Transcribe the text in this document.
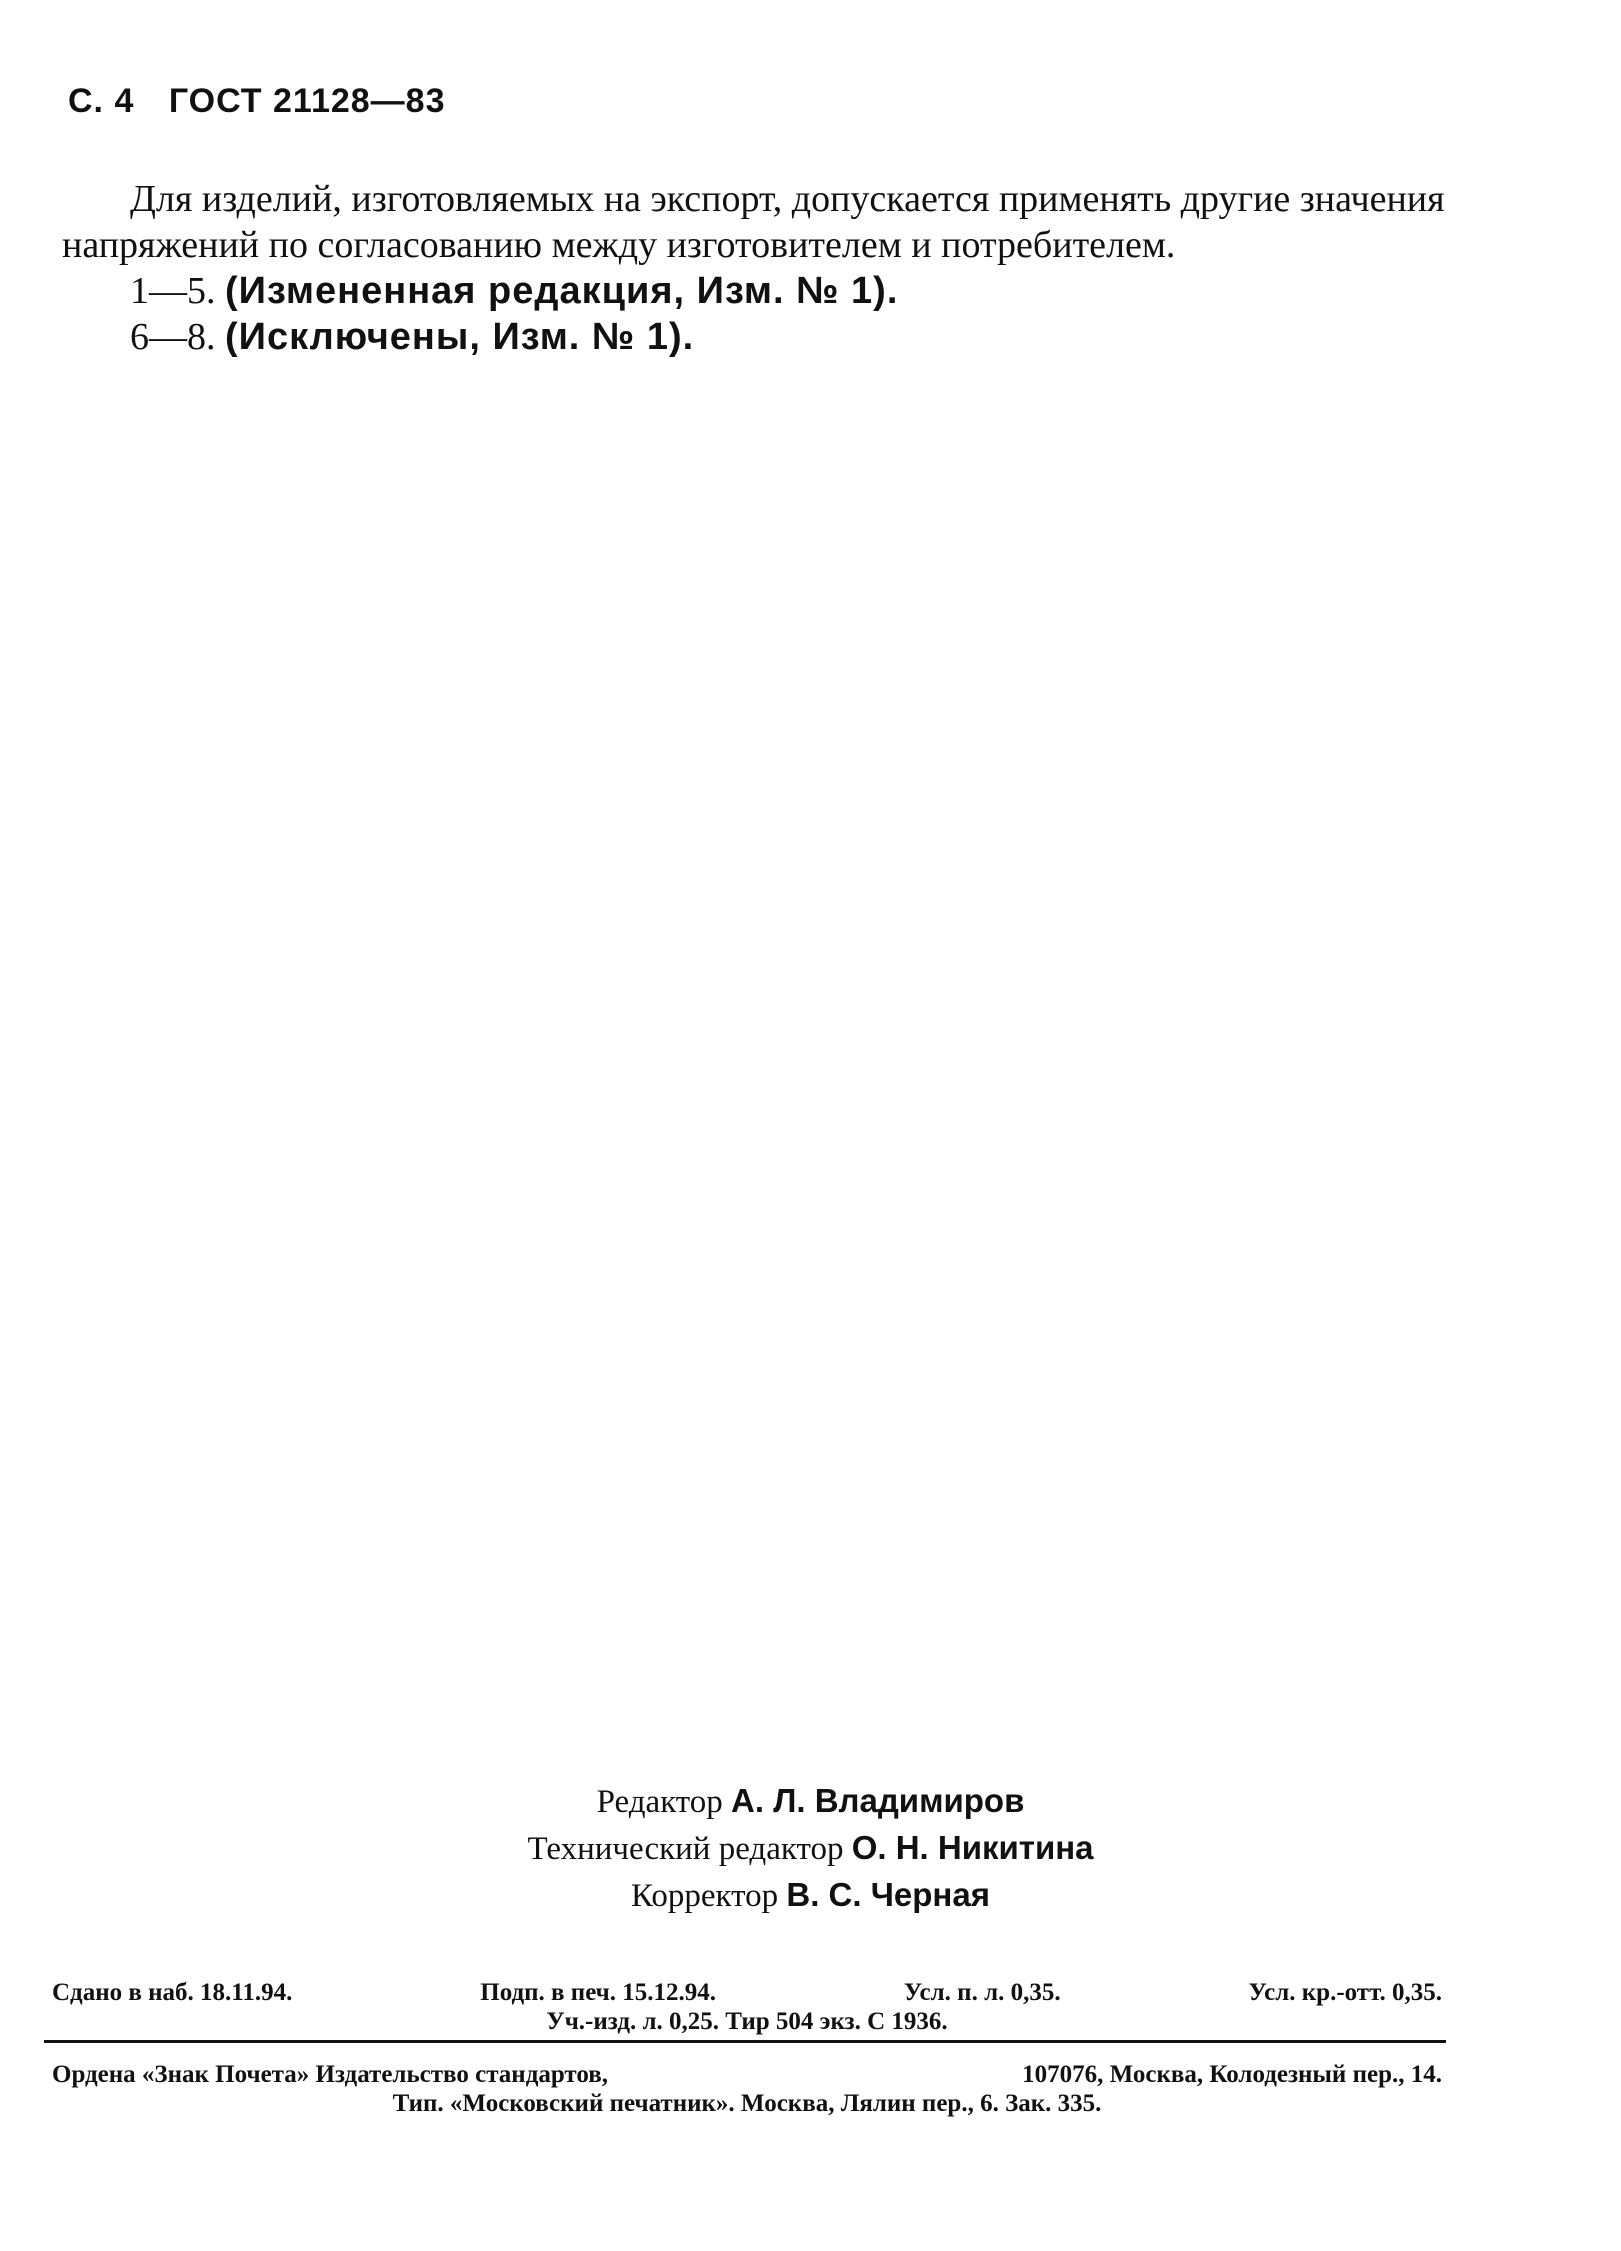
С. 4 ГОСТ 21128—83

Для изделий, изготовляемых на экспорт, допускается применять другие значения напряжений по согласованию между изготовителем и потребителем.

1—5. (Измененная редакция, Изм. № 1).

6—8. (Исключены, Изм. № 1).

Редактор А. Л. Владимиров
Технический редактор О. Н. Никитина
Корректор В. С. Черная
Сдано в наб. 18.11.94.	Подп. в печ. 15.12.94.	Усл. п. л. 0,35.	Усл. кр.-отт. 0,35.
Уч.-изд. л. 0,25. Тир 504 экз. С 1936.
Ордена «Знак Почета» Издательство стандартов,	107076, Москва, Колодезный пер., 14.
Тип. «Московский печатник». Москва, Лялин пер., 6. Зак. 335.
